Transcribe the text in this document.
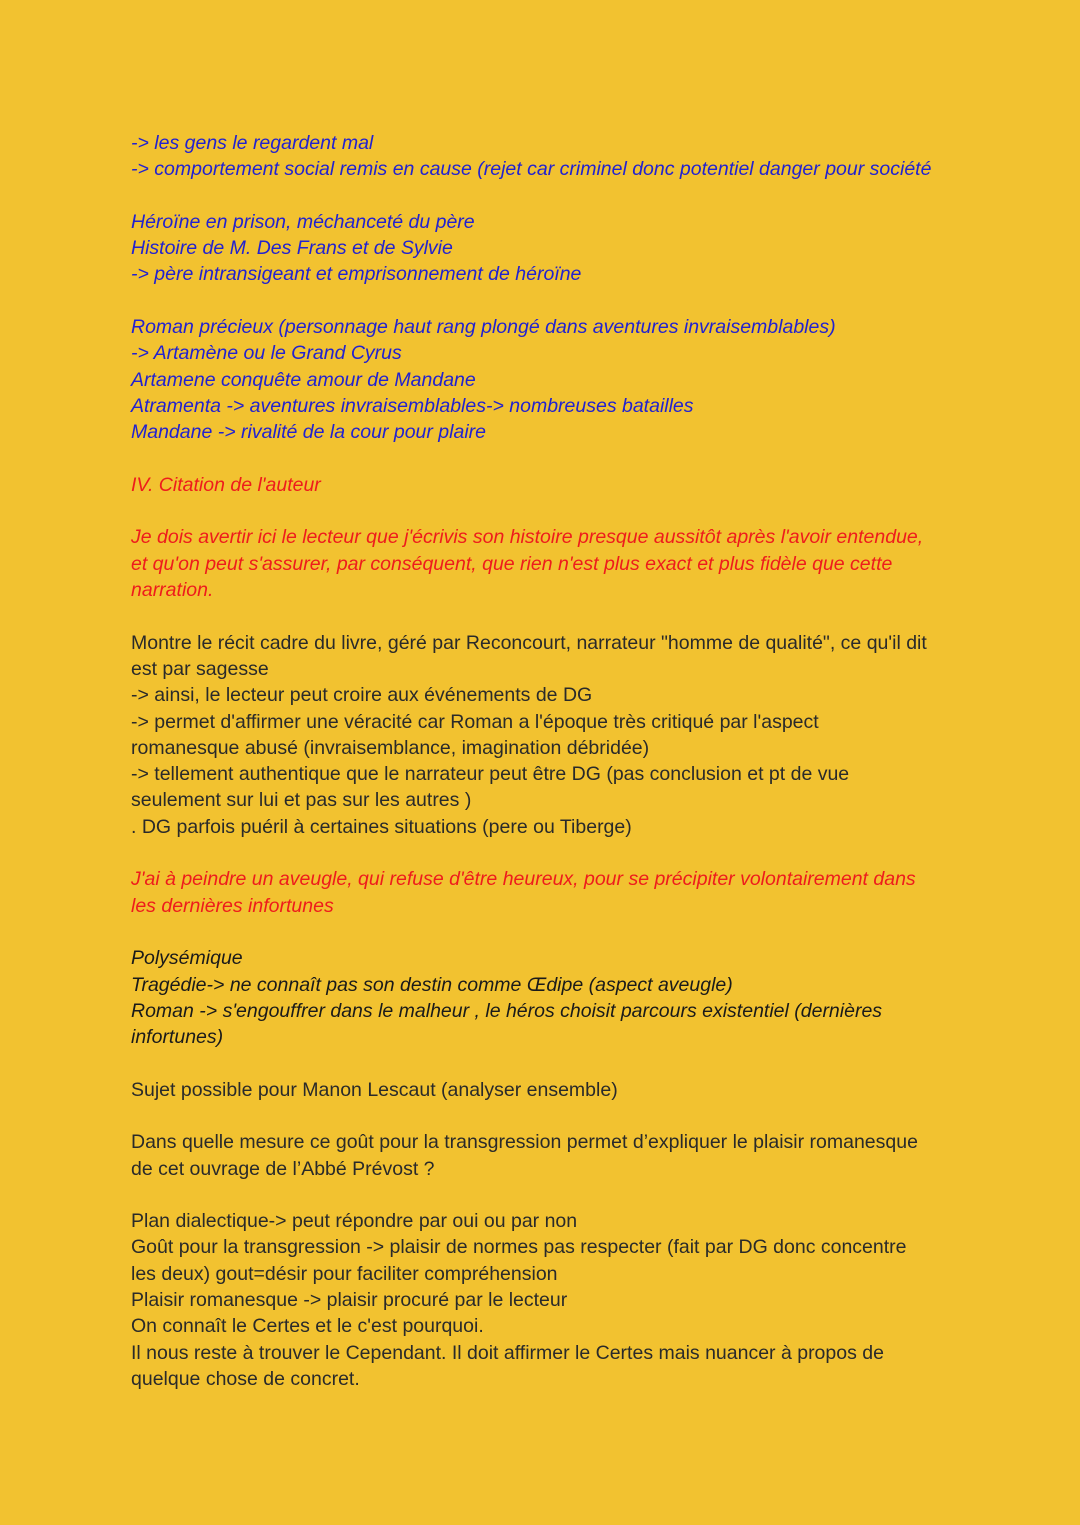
-> les gens le regardent mal
-> comportement social remis en cause (rejet car criminel donc potentiel danger pour société
Héroïne en prison, méchanceté du père
Histoire de M. Des Frans et de Sylvie
-> père intransigeant et emprisonnement de héroïne
Roman précieux (personnage haut rang plongé dans aventures invraisemblables)
-> Artamène ou le Grand Cyrus
Artamene conquête amour de Mandane
Atramenta -> aventures invraisemblables-> nombreuses batailles
Mandane -> rivalité de la cour pour plaire
IV. Citation de l'auteur
Je dois avertir ici le lecteur que j'écrivis son histoire presque aussitôt après l'avoir entendue,
et qu'on peut s'assurer, par conséquent, que rien n'est plus exact et plus fidèle que cette
narration.
Montre le récit cadre du livre, géré par Reconcourt, narrateur "homme de qualité", ce qu'il dit
est par sagesse
-> ainsi, le lecteur peut croire aux événements de DG
-> permet d'affirmer une véracité car Roman a l'époque très critiqué par l'aspect
romanesque abusé (invraisemblance, imagination débridée)
-> tellement authentique que le narrateur peut être DG (pas conclusion et pt de vue
seulement sur lui et pas sur les autres )
. DG parfois puéril à certaines situations (pere ou Tiberge)
J'ai à peindre un aveugle, qui refuse d'être heureux, pour se précipiter volontairement dans
les dernières infortunes
Polysémique
Tragédie-> ne connaît pas son destin comme Œdipe (aspect aveugle)
Roman -> s'engouffrer dans le malheur , le héros choisit parcours existentiel (dernières
infortunes)
Sujet possible pour Manon Lescaut (analyser ensemble)
Dans quelle mesure ce goût pour la transgression permet d’expliquer le plaisir romanesque
de cet ouvrage de l’Abbé Prévost ?
Plan dialectique-> peut répondre par oui ou par non
Goût pour la transgression -> plaisir de normes pas respecter (fait par DG donc concentre
les deux) gout=désir pour faciliter compréhension
Plaisir romanesque -> plaisir procuré par le lecteur
On connaît le Certes et le c'est pourquoi.
Il nous reste à trouver le Cependant. Il doit affirmer le Certes mais nuancer à propos de
quelque chose de concret.
